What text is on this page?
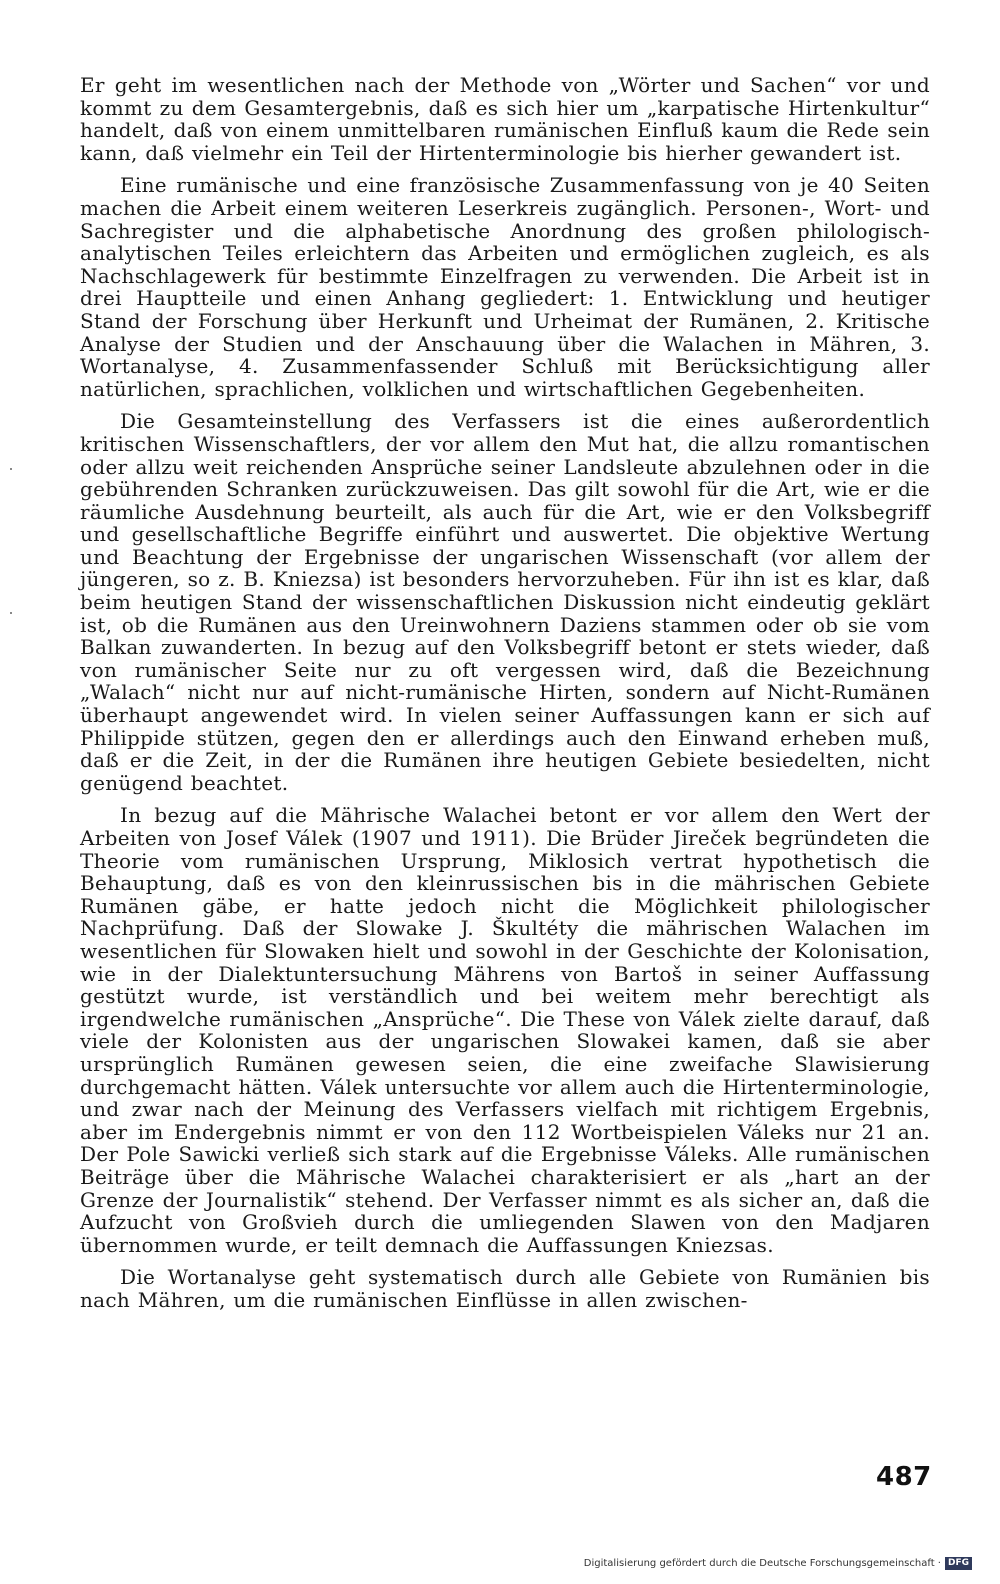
Er geht im wesentlichen nach der Methode von „Wörter und Sachen“ vor und kommt zu dem Gesamtergebnis, daß es sich hier um „karpatische Hirtenkultur“ handelt, daß von einem unmittelbaren rumänischen Einfluß kaum die Rede sein kann, daß vielmehr ein Teil der Hirtenterminologie bis hierher gewandert ist.

Eine rumänische und eine französische Zusammenfassung von je 40 Seiten machen die Arbeit einem weiteren Leserkreis zugänglich. Personen-, Wort- und Sachregister und die alphabetische Anordnung des großen philologisch-analytischen Teiles erleichtern das Arbeiten und ermöglichen zugleich, es als Nachschlagewerk für bestimmte Einzelfragen zu verwenden. Die Arbeit ist in drei Hauptteile und einen Anhang gegliedert: 1. Entwicklung und heutiger Stand der Forschung über Herkunft und Urheimat der Rumänen, 2. Kritische Analyse der Studien und der Anschauung über die Walachen in Mähren, 3. Wortanalyse, 4. Zusammenfassender Schluß mit Berücksichtigung aller natürlichen, sprachlichen, volklichen und wirtschaftlichen Gegebenheiten.

Die Gesamteinstellung des Verfassers ist die eines außerordentlich kritischen Wissenschaftlers, der vor allem den Mut hat, die allzu romantischen oder allzu weit reichenden Ansprüche seiner Landsleute abzulehnen oder in die gebührenden Schranken zurückzuweisen. Das gilt sowohl für die Art, wie er die räumliche Ausdehnung beurteilt, als auch für die Art, wie er den Volksbegriff und gesellschaftliche Begriffe einführt und auswertet. Die objektive Wertung und Beachtung der Ergebnisse der ungarischen Wissenschaft (vor allem der jüngeren, so z. B. Kniezsa) ist besonders hervorzuheben. Für ihn ist es klar, daß beim heutigen Stand der wissenschaftlichen Diskussion nicht eindeutig geklärt ist, ob die Rumänen aus den Ureinwohnern Daziens stammen oder ob sie vom Balkan zuwanderten. In bezug auf den Volksbegriff betont er stets wieder, daß von rumänischer Seite nur zu oft vergessen wird, daß die Bezeichnung „Walach“ nicht nur auf nicht-rumänische Hirten, sondern auf Nicht-Rumänen überhaupt angewendet wird. In vielen seiner Auffassungen kann er sich auf Philippide stützen, gegen den er allerdings auch den Einwand erheben muß, daß er die Zeit, in der die Rumänen ihre heutigen Gebiete besiedelten, nicht genügend beachtet.

In bezug auf die Mährische Walachei betont er vor allem den Wert der Arbeiten von Josef Válek (1907 und 1911). Die Brüder Jireček begründeten die Theorie vom rumänischen Ursprung, Miklosich vertrat hypothetisch die Behauptung, daß es von den kleinrussischen bis in die mährischen Gebiete Rumänen gäbe, er hatte jedoch nicht die Möglichkeit philologischer Nachprüfung. Daß der Slowake J. Škultéty die mährischen Walachen im wesentlichen für Slowaken hielt und sowohl in der Geschichte der Kolonisation, wie in der Dialektuntersuchung Mährens von Bartoš in seiner Auffassung gestützt wurde, ist verständlich und bei weitem mehr berechtigt als irgendwelche rumänischen „Ansprüche“. Die These von Válek zielte darauf, daß viele der Kolonisten aus der ungarischen Slowakei kamen, daß sie aber ursprünglich Rumänen gewesen seien, die eine zweifache Slawisierung durchgemacht hätten. Válek untersuchte vor allem auch die Hirtenterminologie, und zwar nach der Meinung des Verfassers vielfach mit richtigem Ergebnis, aber im Endergebnis nimmt er von den 112 Wortbeispielen Váleks nur 21 an. Der Pole Sawicki verließ sich stark auf die Ergebnisse Váleks. Alle rumänischen Beiträge über die Mährische Walachei charakterisiert er als „hart an der Grenze der Journalistik“ stehend. Der Verfasser nimmt es als sicher an, daß die Aufzucht von Großvieh durch die umliegenden Slawen von den Madjaren übernommen wurde, er teilt demnach die Auffassungen Kniezsas.

Die Wortanalyse geht systematisch durch alle Gebiete von Rumänien bis nach Mähren, um die rumänischen Einflüsse in allen zwischen-

487
Digitalisierung gefördert durch die Deutsche Forschungsgemeinschaft · DFG
